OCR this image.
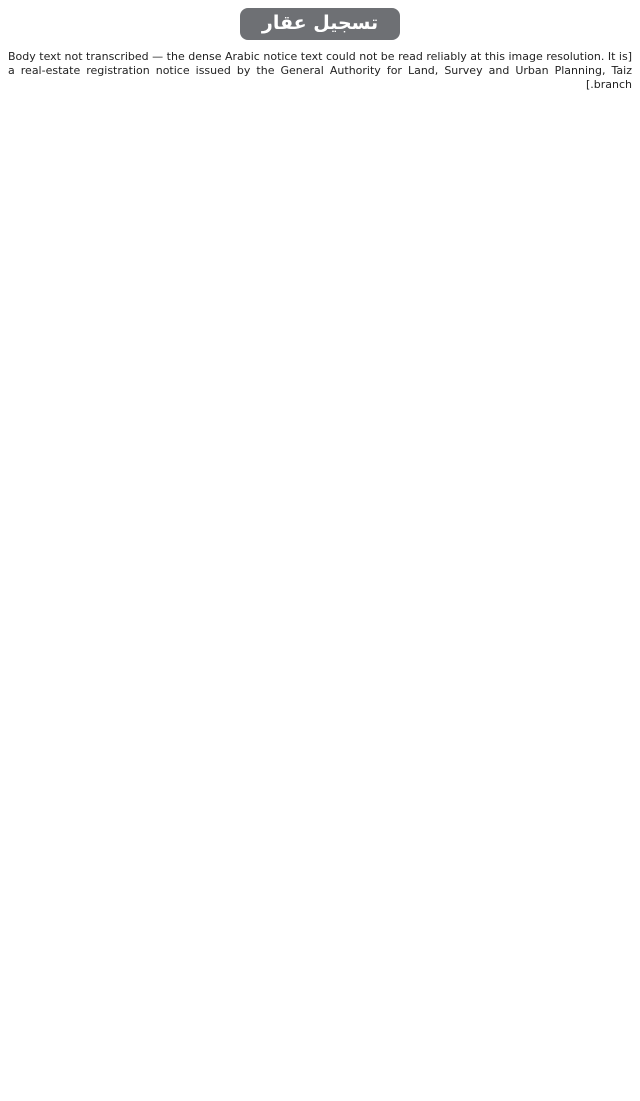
تسجيل عقار
[Body text not transcribed — the dense Arabic notice text could not be read reliably at this image resolution. It is a real-estate registration notice issued by the General Authority for Land, Survey and Urban Planning, Taiz branch.]
